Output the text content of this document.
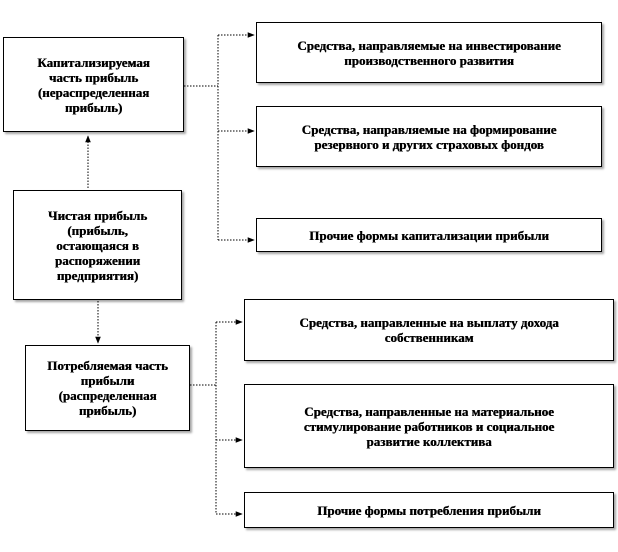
Капитализируемая
часть прибыль
(нераспределенная
прибыль)
Чистая прибыль
(прибыль,
остающаяся в
распоряжении
предприятия)
Потребляемая часть
прибыли
(распределенная
прибыль)
Средства, направляемые на инвестирование
производственного развития
Средства, направляемые на формирование
резервного и других страховых фондов
Прочие формы капитализации прибыли
Средства, направленные на выплату дохода
собственникам
Средства, направленные на материальное
стимулирование работников и социальное
развитие коллектива
Прочие формы потребления прибыли
